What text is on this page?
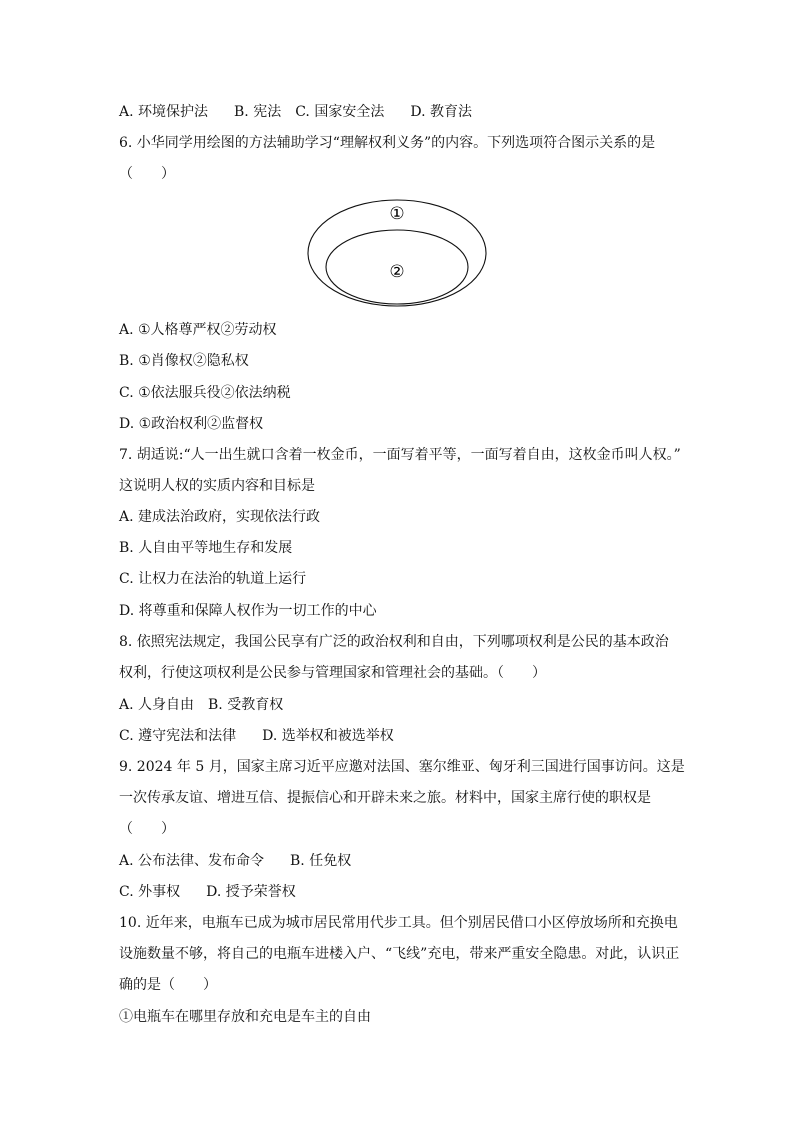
A. 环境保护法 B. 宪法 C. 国家安全法 D. 教育法
6. 小华同学用绘图的方法辅助学习“理解权利义务”的内容。下列选项符合图示关系的是
（　　）
①
②
A. ①人格尊严权②劳动权
B. ①肖像权②隐私权
C. ①依法服兵役②依法纳税
D. ①政治权利②监督权
7. 胡适说:“人一出生就口含着一枚金币，一面写着平等，一面写着自由，这枚金币叫人权。”
这说明人权的实质内容和目标是
A. 建成法治政府，实现依法行政
B. 人自由平等地生存和发展
C. 让权力在法治的轨道上运行
D. 将尊重和保障人权作为一切工作的中心
8. 依照宪法规定，我国公民享有广泛的政治权利和自由，下列哪项权利是公民的基本政治
权利，行使这项权利是公民参与管理国家和管理社会的基础。（　　）
A. 人身自由 B. 受教育权
C. 遵守宪法和法律 D. 选举权和被选举权
9. 2024 年 5 月，国家主席习近平应邀对法国、塞尔维亚、匈牙利三国进行国事访问。这是
一次传承友谊、增进互信、提振信心和开辟未来之旅。材料中，国家主席行使的职权是
（　　）
A. 公布法律、发布命令 B. 任免权
C. 外事权 D. 授予荣誉权
10. 近年来，电瓶车已成为城市居民常用代步工具。但个别居民借口小区停放场所和充换电
设施数量不够，将自己的电瓶车进楼入户、“飞线”充电，带来严重安全隐患。对此，认识正
确的是（　　）
①电瓶车在哪里存放和充电是车主的自由
